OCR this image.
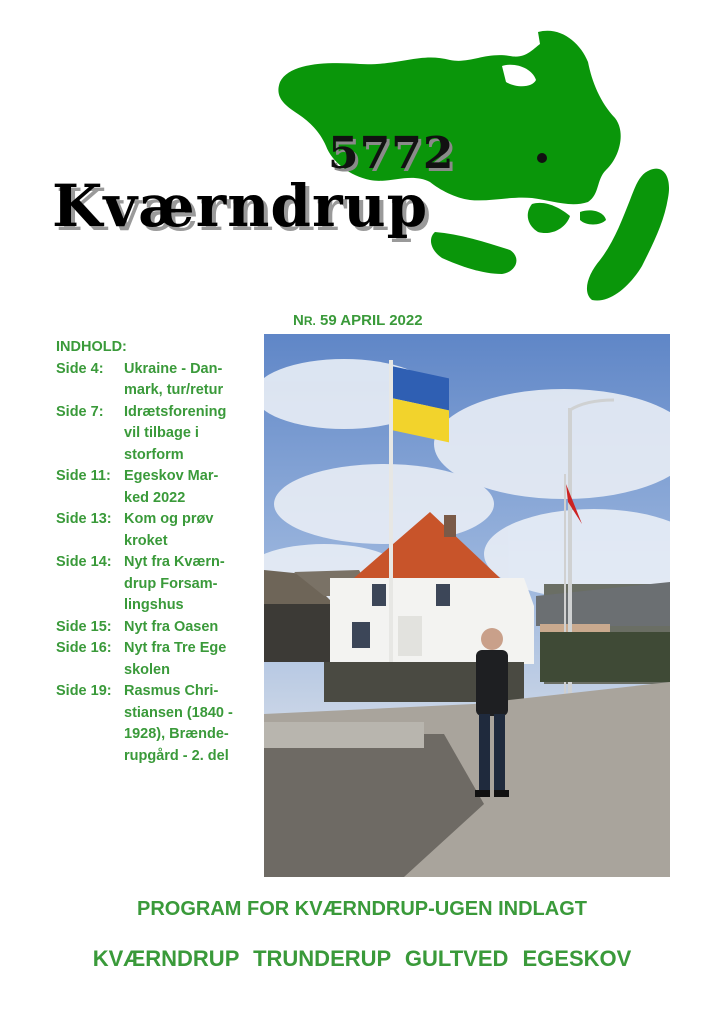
5772
Kværndrup
NR. 59 APRIL 2022

INDHOLD:

Side 4:	Ukraine - Dan-
mark, tur/retur
Side 7:	Idrætsforening
vil tilbage i
storform
Side 11: Egeskov Mar-
ked 2022
Side 13: Kom og prøv
kroket
Side 14: Nyt fra Kværn-
drup Forsam-
lingshus
Side 15: Nyt fra Oasen
Side 16: Nyt fra Tre Ege
skolen
Side 19: Rasmus Chri-
stiansen (1840 -
1928), Brænde-
rupgård - 2. del
PROGRAM FOR KVÆRNDRUP-UGEN INDLAGT
KVÆRNDRUP TRUNDERUP GULTVED EGESKOV
